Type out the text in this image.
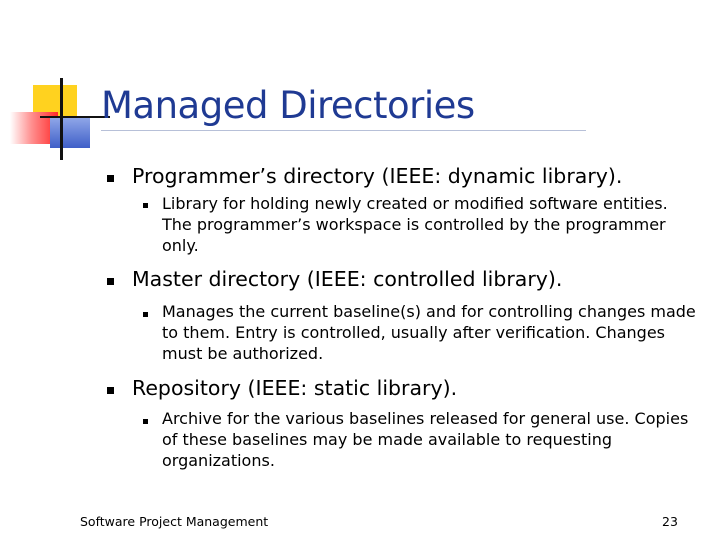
Managed Directories
Programmer’s directory (IEEE: dynamic library).
Library for holding newly created or modified software entities. The programmer’s workspace is controlled by the programmer only.
Master directory (IEEE: controlled library).
Manages the current baseline(s) and for controlling changes made to them. Entry is controlled, usually after verification. Changes must be authorized.
Repository (IEEE: static library).
Archive for the various baselines released for general use. Copies of these baselines may be made available to requesting organizations.
Software Project Management	23
